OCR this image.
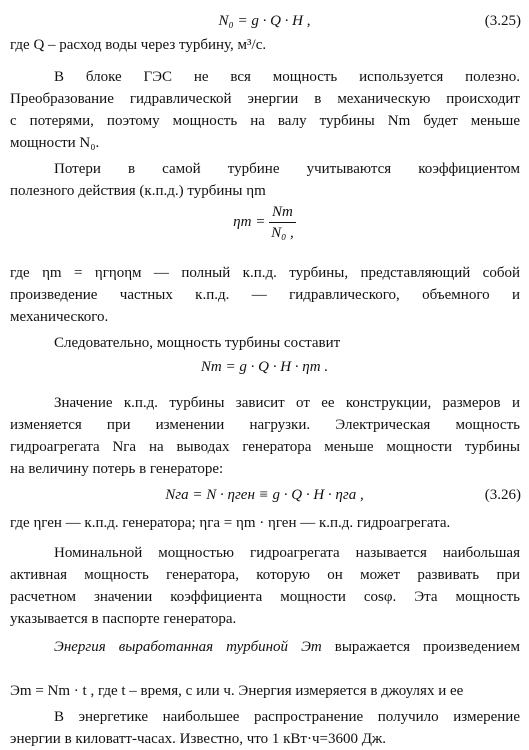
N₀ = g · Q · H ,	(3.25)
где Q – расход воды через турбину, м³/с.
В блоке ГЭС не вся мощность используется полезно.
Преобразование гидравлической энергии в механическую происходит
с потерями, поэтому мощность на валу турбины Nm будет меньше
мощности N₀.
Потери в самой турбине учитываются коэффициентом
полезного действия (к.п.д.) турбины ηm
$\eta m = \frac{Nm}{\text{N₀ ,}}$
где ηm = ηгηоηм — полный к.п.д. турбины, представляющий собой
произведение частных к.п.д. — гидравлического, объемного и
механического.
Следовательно, мощность турбины составит
Nm = g · Q · H · ηm .
Значение к.п.д. турбины зависит от ее конструкции, размеров и
изменяется при изменении нагрузки. Электрическая мощность
гидроагрегата Nга на выводах генератора меньше мощности турбины
на величину потерь в генераторе:
Nга = N · ηген ≡ g · Q · H · ηга ,	(3.26)
где ηген — к.п.д. генератора; ηга = ηm · ηген — к.п.д. гидроагрегата.
Номинальной мощностью гидроагрегата называется наибольшая
активная мощность генератора, которую он может развивать при
расчетном значении коэффициента мощности cosφ. Эта мощность
указывается в паспорте генератора.
Энергия выработанная турбиной Эm выражается произведением
Эm = Nm · t , где t – время, с или ч. Энергия измеряется в джоулях и ее
В энергетике наибольшее распространение получило измерение
энергии в киловатт-часах. Известно, что 1 кВт·ч=3600 Дж.
